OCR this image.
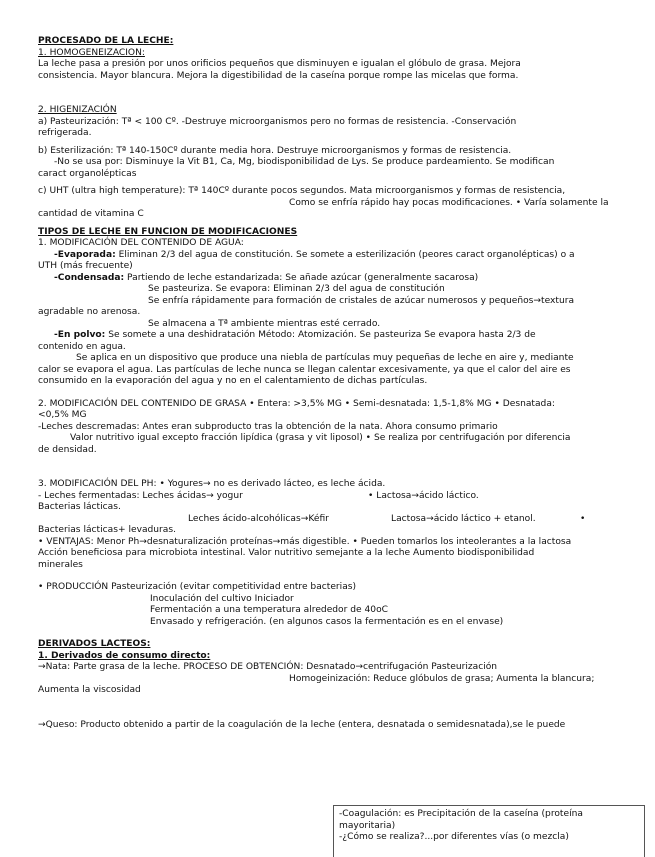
PROCESADO DE LA LECHE:
1. HOMOGENEIZACION:
La leche pasa a presión por unos orificios pequeños que disminuyen e igualan el glóbulo de grasa. Mejora
consistencia. Mayor blancura. Mejora la digestibilidad de la caseína porque rompe las micelas que forma.
2. HIGENIZACIÓN
a) Pasteurización: Tª < 100 Cº. -Destruye microorganismos pero no formas de resistencia. -Conservación
refrigerada.
b) Esterilización: Tª 140-150Cº durante media hora. Destruye microorganismos y formas de resistencia.
-No se usa por: Disminuye la Vit B1, Ca, Mg, biodisponibilidad de Lys. Se produce pardeamiento. Se modifican
caract organolépticas
c) UHT (ultra high temperature): Tª 140Cº durante pocos segundos. Mata microorganismos y formas de resistencia,
Como se enfría rápido hay pocas modificaciones. • Varía solamente la
cantidad de vitamina C
TIPOS DE LECHE EN FUNCION DE MODIFICACIONES
1. MODIFICACIÓN DEL CONTENIDO DE AGUA:
-Evaporada: Eliminan 2/3 del agua de constitución. Se somete a esterilización (peores caract organolépticas) o a
UTH (más frecuente)
-Condensada: Partiendo de leche estandarizada: Se añade azúcar (generalmente sacarosa)
Se pasteuriza. Se evapora: Eliminan 2/3 del agua de constitución
Se enfría rápidamente para formación de cristales de azúcar numerosos y pequeños→textura
agradable no arenosa.
Se almacena a Tª ambiente mientras esté cerrado.
-En polvo: Se somete a una deshidratación Método: Atomización. Se pasteuriza Se evapora hasta 2/3 de
contenido en agua.
Se aplica en un dispositivo que produce una niebla de partículas muy pequeñas de leche en aire y, mediante
calor se evapora el agua. Las partículas de leche nunca se llegan calentar excesivamente, ya que el calor del aire es
consumido en la evaporación del agua y no en el calentamiento de dichas partículas.
2. MODIFICACIÓN DEL CONTENIDO DE GRASA • Entera: >3,5% MG • Semi-desnatada: 1,5-1,8% MG • Desnatada:
<0,5% MG
-Leches descremadas: Antes eran subproducto tras la obtención de la nata. Ahora consumo primario
Valor nutritivo igual excepto fracción lipídica (grasa y vit liposol) • Se realiza por centrifugación por diferencia
de densidad.
3. MODIFICACIÓN DEL PH: • Yogures→ no es derivado lácteo, es leche ácida.
- Leches fermentadas: Leches ácidas→ yogur	• Lactosa→ácido láctico.
Bacterias lácticas.
Leches ácido-alcohólicas→Kéfir	Lactosa→ácido láctico + etanol.	•
Bacterias lácticas+ levaduras.
• VENTAJAS: Menor Ph→desnaturalización proteínas→más digestible. • Pueden tomarlos los inteolerantes a la lactosa
Acción beneficiosa para microbiota intestinal. Valor nutritivo semejante a la leche Aumento biodisponibilidad
minerales
• PRODUCCIÓN Pasteurización (evitar competitividad entre bacterias)
Inoculación del cultivo Iniciador
Fermentación a una temperatura alrededor de 40oC
Envasado y refrigeración. (en algunos casos la fermentación es en el envase)
DERIVADOS LACTEOS:
1. Derivados de consumo directo:
→Nata: Parte grasa de la leche. PROCESO DE OBTENCIÓN: Desnatado→centrifugación Pasteurización
Homogeinización: Reduce glóbulos de grasa; Aumenta la blancura;
Aumenta la viscosidad
→Queso: Producto obtenido a partir de la coagulación de la leche (entera, desnatada o semidesnatada),se le puede
-Coagulación: es Precipitación de la caseína (proteína
mayoritaria)
-¿Cómo se realiza?...por diferentes vías (o mezcla)
